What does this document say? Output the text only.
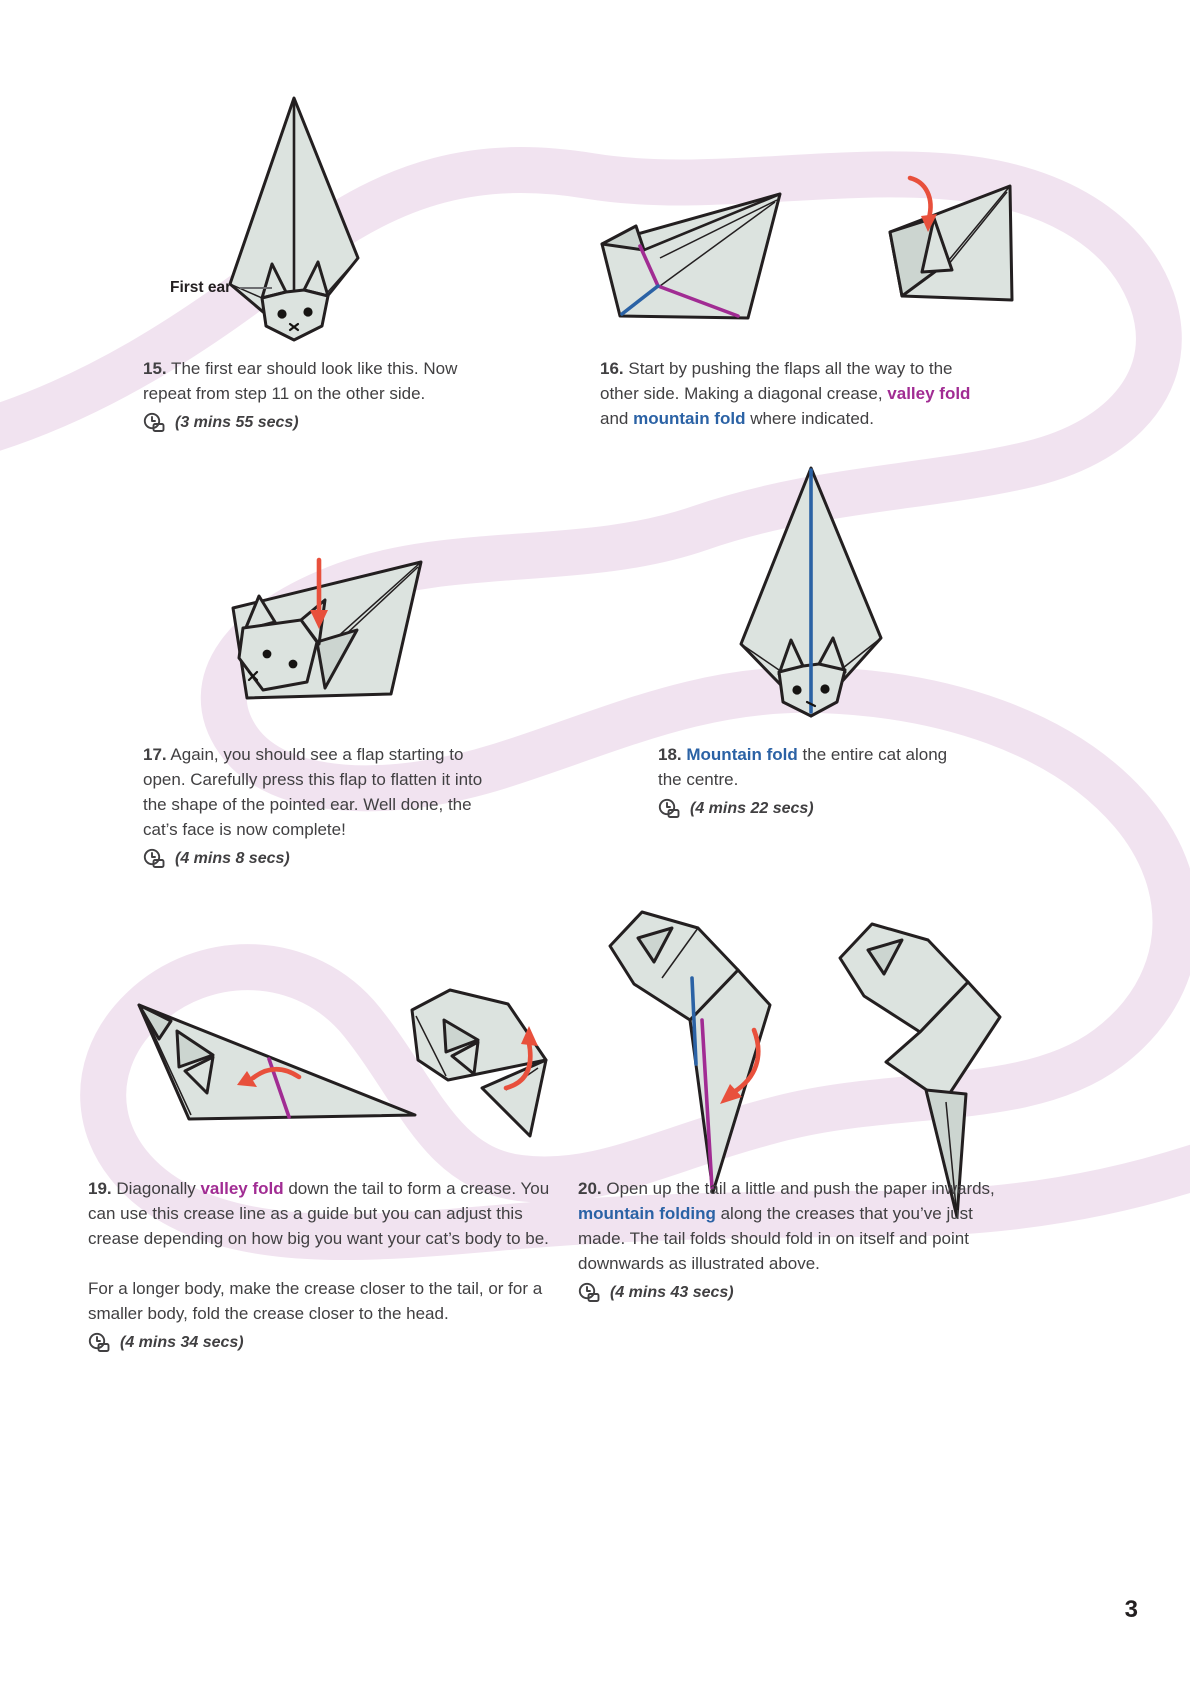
First ear

15. The first ear should look like this. Now repeat from step 11 on the other side.

(3 mins 55 secs)

16. Start by pushing the flaps all the way to the other side. Making a diagonal crease, valley fold and mountain fold where indicated.

17. Again, you should see a flap starting to open. Carefully press this flap to flatten it into the shape of the pointed ear. Well done, the cat’s face is now complete!

(4 mins 8 secs)

18. Mountain fold the entire cat along the centre.

(4 mins 22 secs)

19. Diagonally valley fold down the tail to form a crease. You can use this crease line as a guide but you can adjust this crease depending on how big you want your cat’s body to be.

For a longer body, make the crease closer to the tail, or for a smaller body, fold the crease closer to the head.

(4 mins 34 secs)

20. Open up the tail a little and push the paper inwards, mountain folding along the creases that you’ve just made. The tail folds should fold in on itself and point downwards as illustrated above.

(4 mins 43 secs)
3
